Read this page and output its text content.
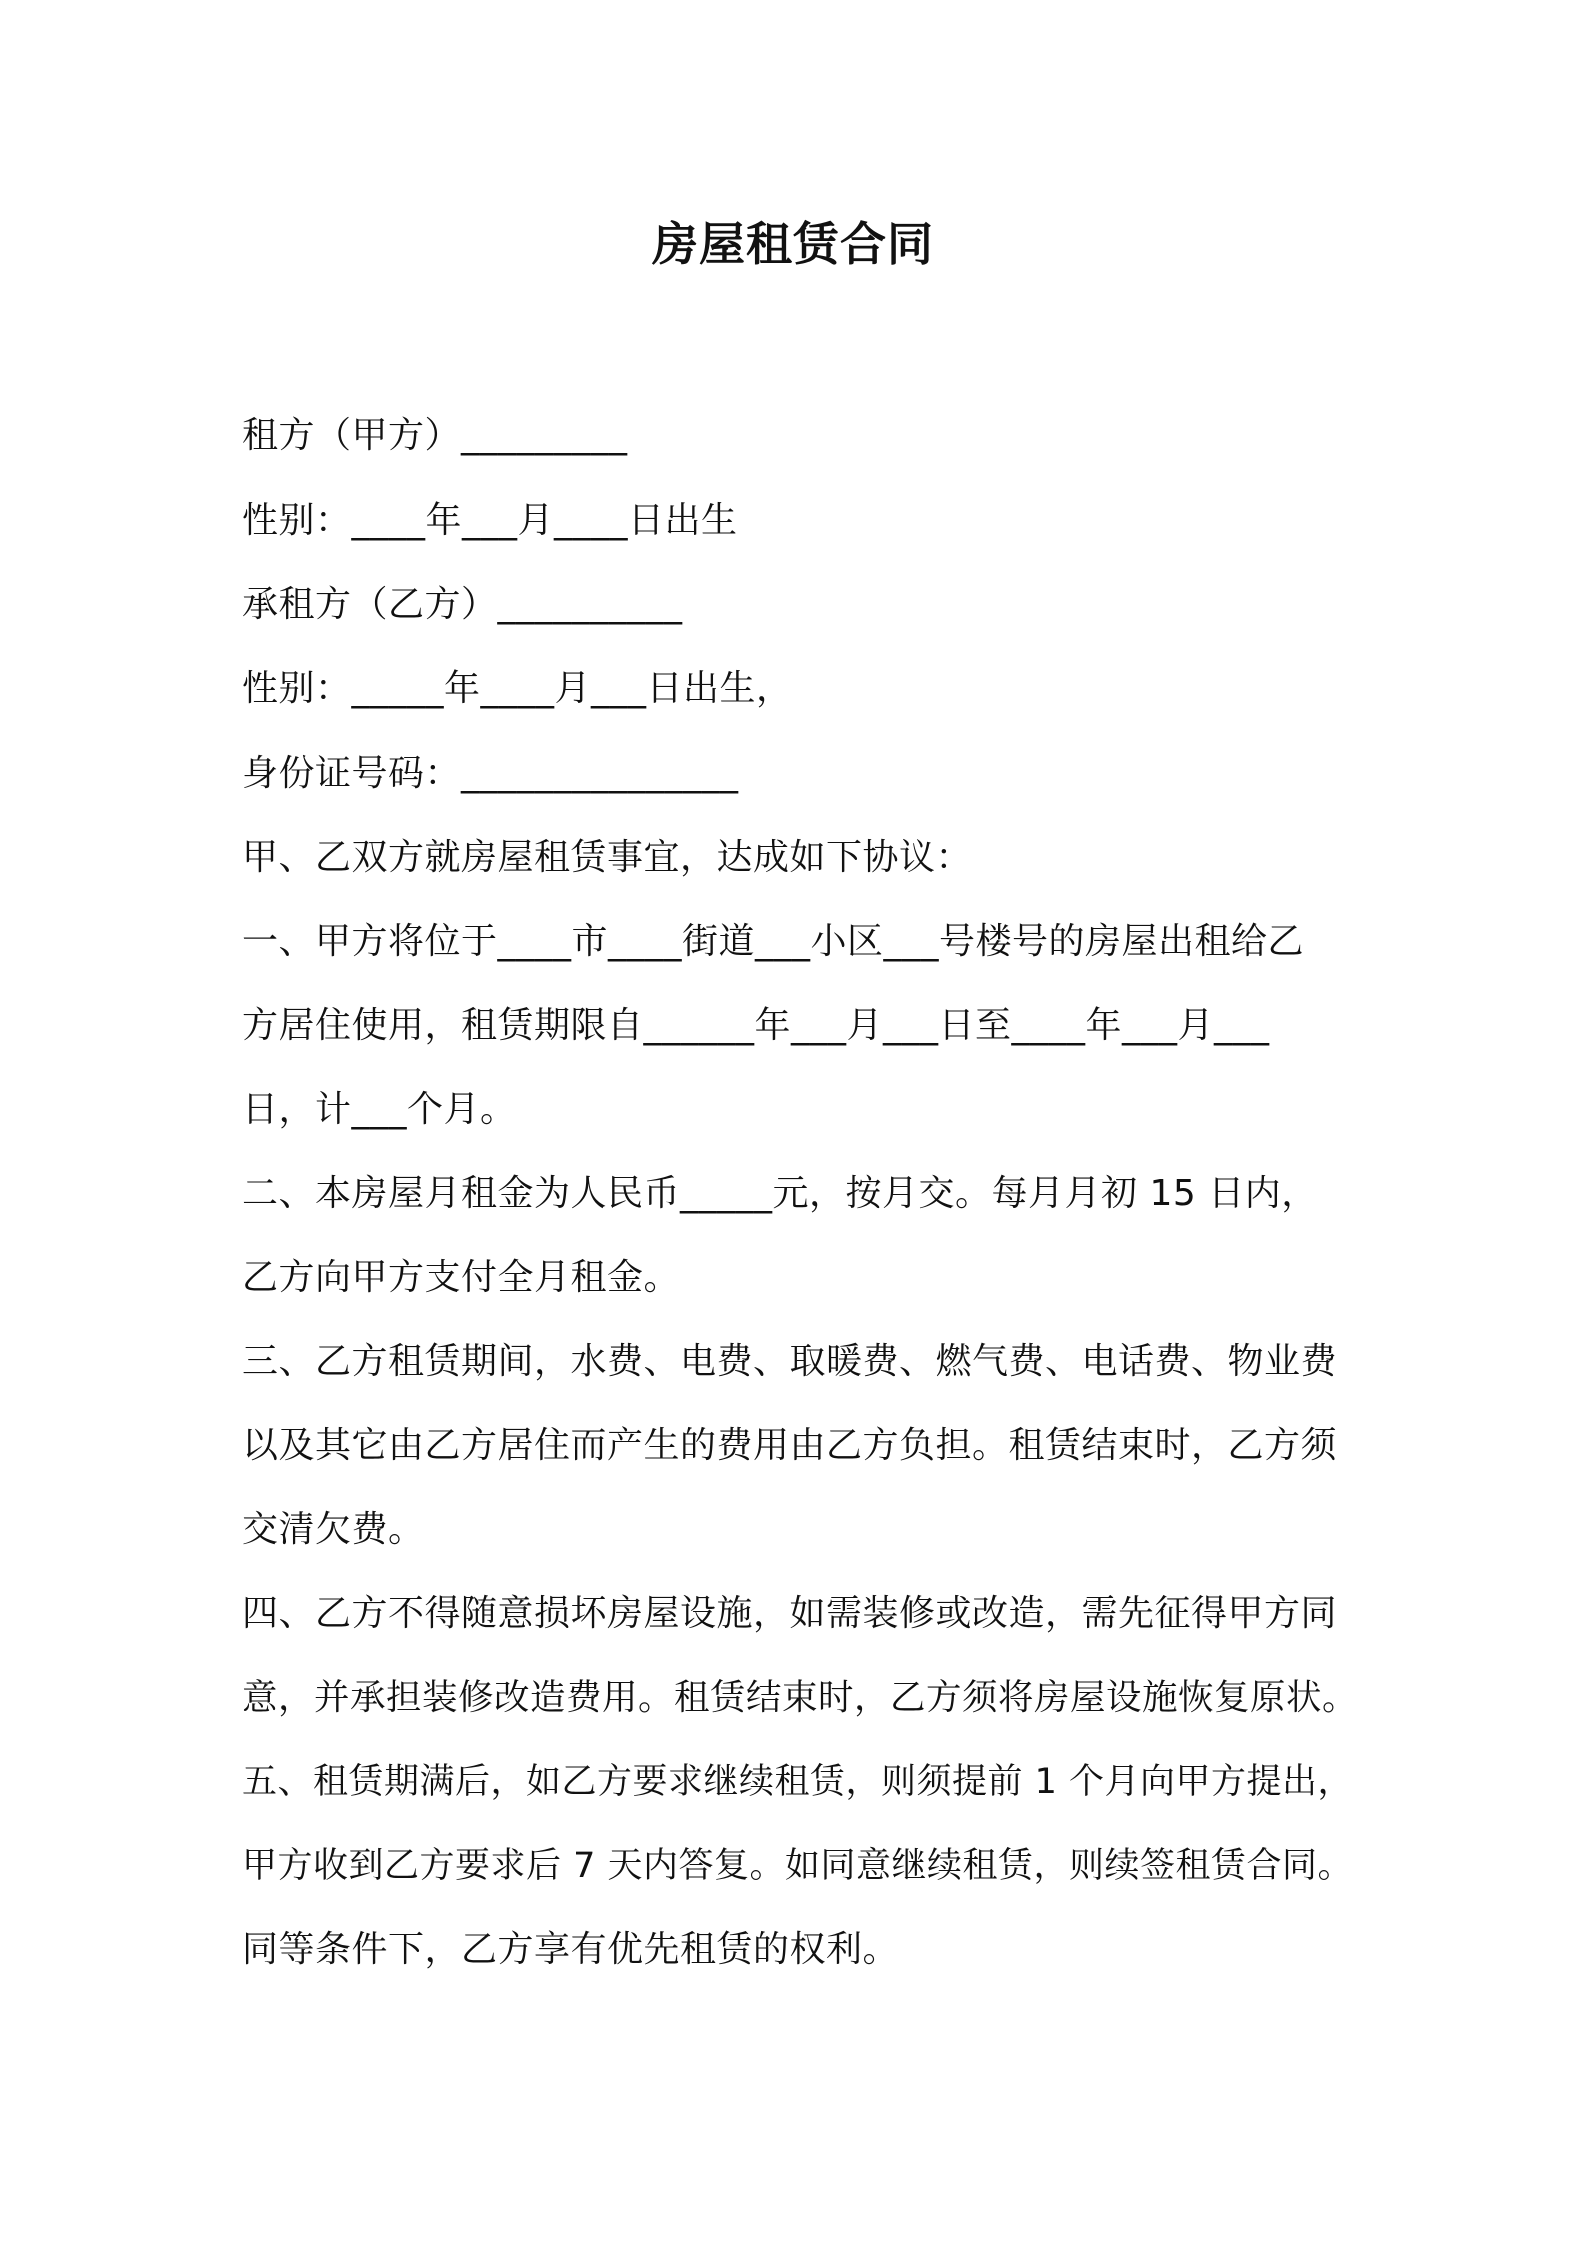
房屋租赁合同
租方（甲方）_________
性别：____年___月____日出生
承租方（乙方）__________
性别：_____年____月___日出生，
身份证号码：_______________
甲、乙双方就房屋租赁事宜，达成如下协议：
一、甲方将位于____市____街道___小区___号楼号的房屋出租给乙
方居住使用，租赁期限自______年___月___日至____年___月___
日，计___个月。
二、本房屋月租金为人民币_____元，按月交。每月月初 15 日内，
乙方向甲方支付全月租金。
三、乙方租赁期间，水费、电费、取暖费、燃气费、电话费、物业费
以及其它由乙方居住而产生的费用由乙方负担。租赁结束时，乙方须
交清欠费。
四、乙方不得随意损坏房屋设施，如需装修或改造，需先征得甲方同
意，并承担装修改造费用。租赁结束时，乙方须将房屋设施恢复原状。
五、租赁期满后，如乙方要求继续租赁，则须提前 1 个月向甲方提出，
甲方收到乙方要求后 7 天内答复。如同意继续租赁，则续签租赁合同。
同等条件下，乙方享有优先租赁的权利。
